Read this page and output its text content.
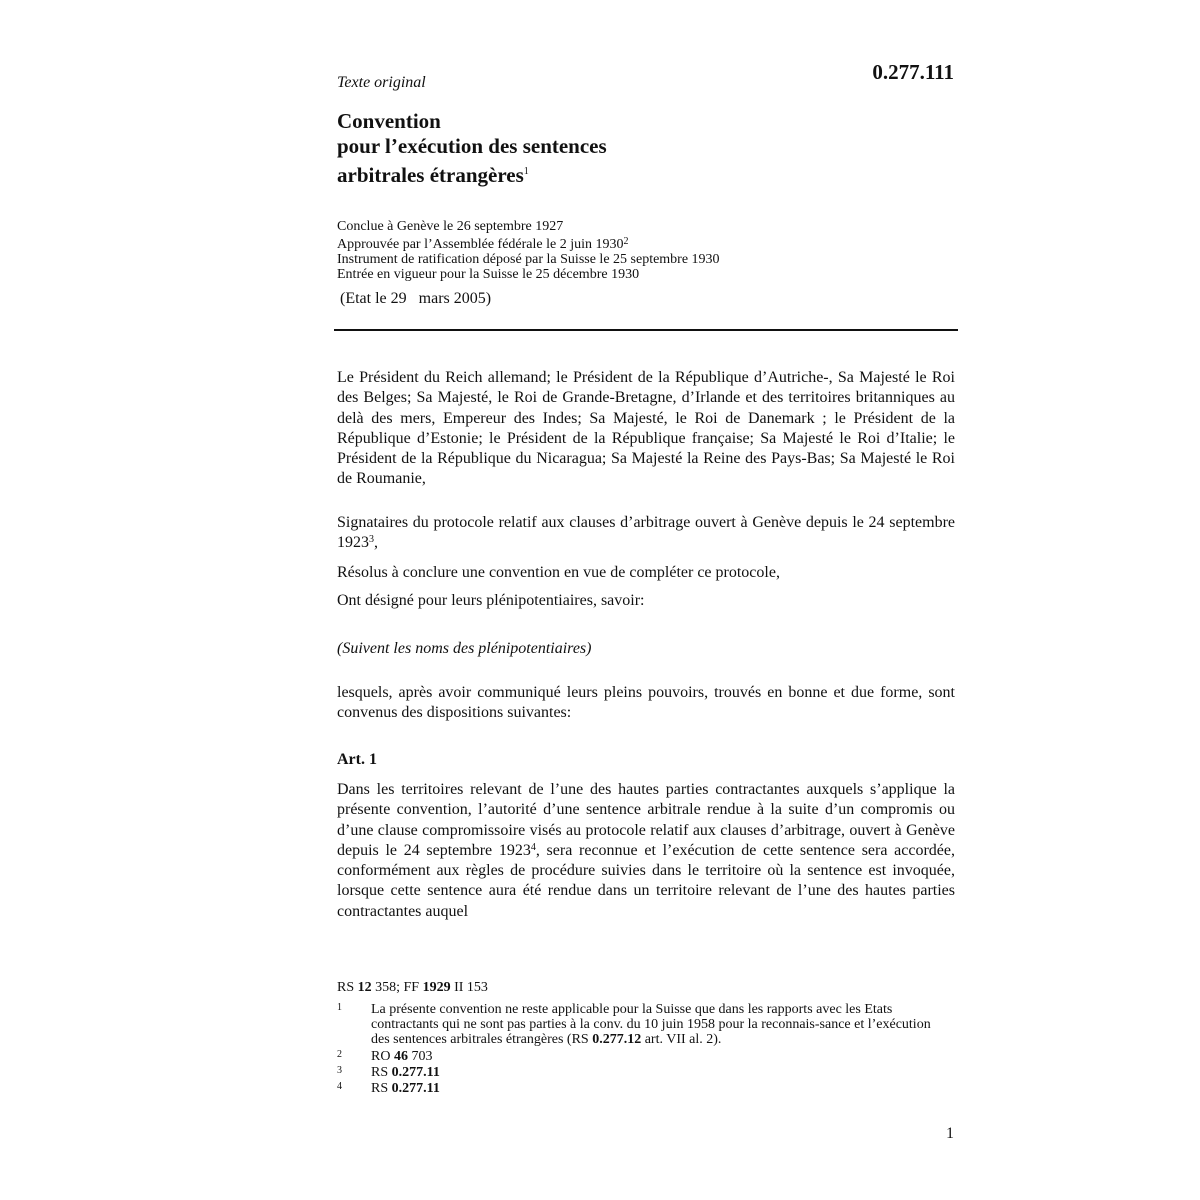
Texte original	0.277.111
Convention
pour l’exécution des sentences
arbitrales étrangères$^1$
Conclue à Genève le 26 septembre 1927
Approuvée par l’Assemblée fédérale le 2 juin 1930$^2$
Instrument de ratification déposé par la Suisse le 25 septembre 1930
Entrée en vigueur pour la Suisse le 25 décembre 1930
(Etat le 29   mars 2005)
Le Président du Reich allemand; le Président de la République d’Autriche-, Sa Majesté le Roi des Belges; Sa Majesté, le Roi de Grande-Bretagne, d’Irlande et des territoires britanniques au delà des mers, Empereur des Indes; Sa Majesté, le Roi de Danemark ; le Président de la République d’Estonie; le Président de la République française; Sa Majesté le Roi d’Italie; le Président de la République du Nicaragua; Sa Majesté la Reine des Pays-Bas; Sa Majesté le Roi de Roumanie,
Signataires du protocole relatif aux clauses d’arbitrage ouvert à Genève depuis le 24 septembre 1923$^3$,
Résolus à conclure une convention en vue de compléter ce protocole,
Ont désigné pour leurs plénipotentiaires, savoir:
(Suivent les noms des plénipotentiaires)
lesquels, après avoir communiqué leurs pleins pouvoirs, trouvés en bonne et due forme, sont convenus des dispositions suivantes:
Art. 1
Dans les territoires relevant de l’une des hautes parties contractantes auxquels s’applique la présente convention, l’autorité d’une sentence arbitrale rendue à la suite d’un compromis ou d’une clause compromissoire visés au protocole relatif aux clauses d’arbitrage, ouvert à Genève depuis le 24 septembre 1923$^4$, sera reconnue et l’exécution de cette sentence sera accordée, conformément aux règles de procédure suivies dans le territoire où la sentence est invoquée, lorsque cette sentence aura été rendue dans un territoire relevant de l’une des hautes parties contractantes auquel
RS 12 358; FF 1929 II 153
1 La présente convention ne reste applicable pour la Suisse que dans les rapports avec les Etats contractants qui ne sont pas parties à la conv. du 10 juin 1958 pour la reconnais-sance et l’exécution des sentences arbitrales étrangères (RS 0.277.12 art. VII al. 2).
2 RO 46 703
3 RS 0.277.11
4 RS 0.277.11
1
